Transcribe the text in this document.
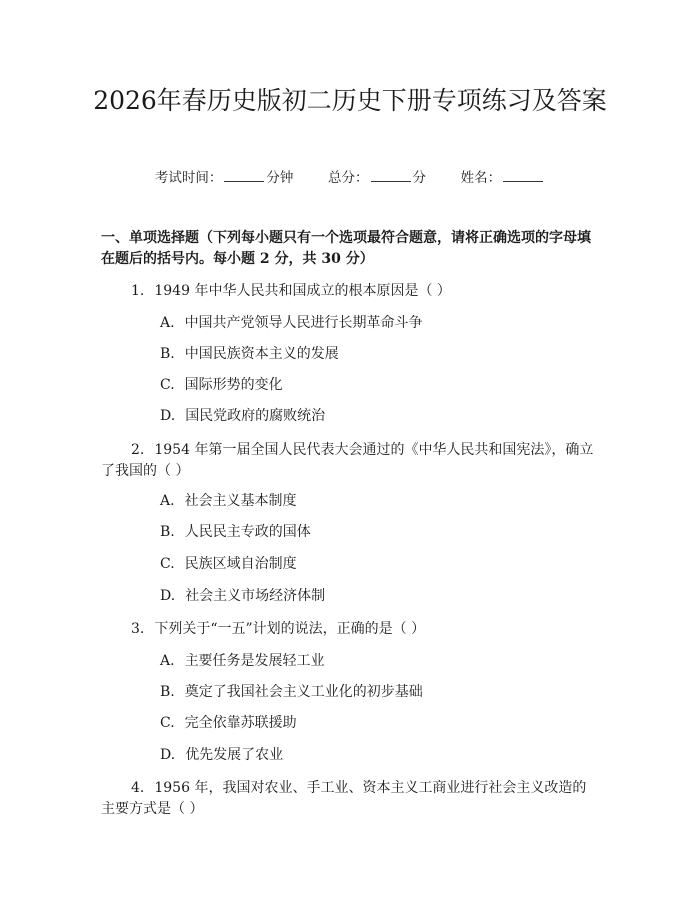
2026年春历史版初二历史下册专项练习及答案
考试时间：	分钟	总分：	分	姓名：
一、单项选择题（下列每小题只有一个选项最符合题意，请将正确选项的字母填在题后的括号内。每小题 2 分，共 30 分）
1. 1949 年中华人民共和国成立的根本原因是（ ）
A. 中国共产党领导人民进行长期革命斗争
B. 中国民族资本主义的发展
C. 国际形势的变化
D. 国民党政府的腐败统治
2. 1954 年第一届全国人民代表大会通过的《中华人民共和国宪法》，确立了我国的（ ）
A. 社会主义基本制度
B. 人民民主专政的国体
C. 民族区域自治制度
D. 社会主义市场经济体制
3. 下列关于“一五”计划的说法，正确的是（ ）
A. 主要任务是发展轻工业
B. 奠定了我国社会主义工业化的初步基础
C. 完全依靠苏联援助
D. 优先发展了农业
4. 1956 年，我国对农业、手工业、资本主义工商业进行社会主义改造的主要方式是（ ）
